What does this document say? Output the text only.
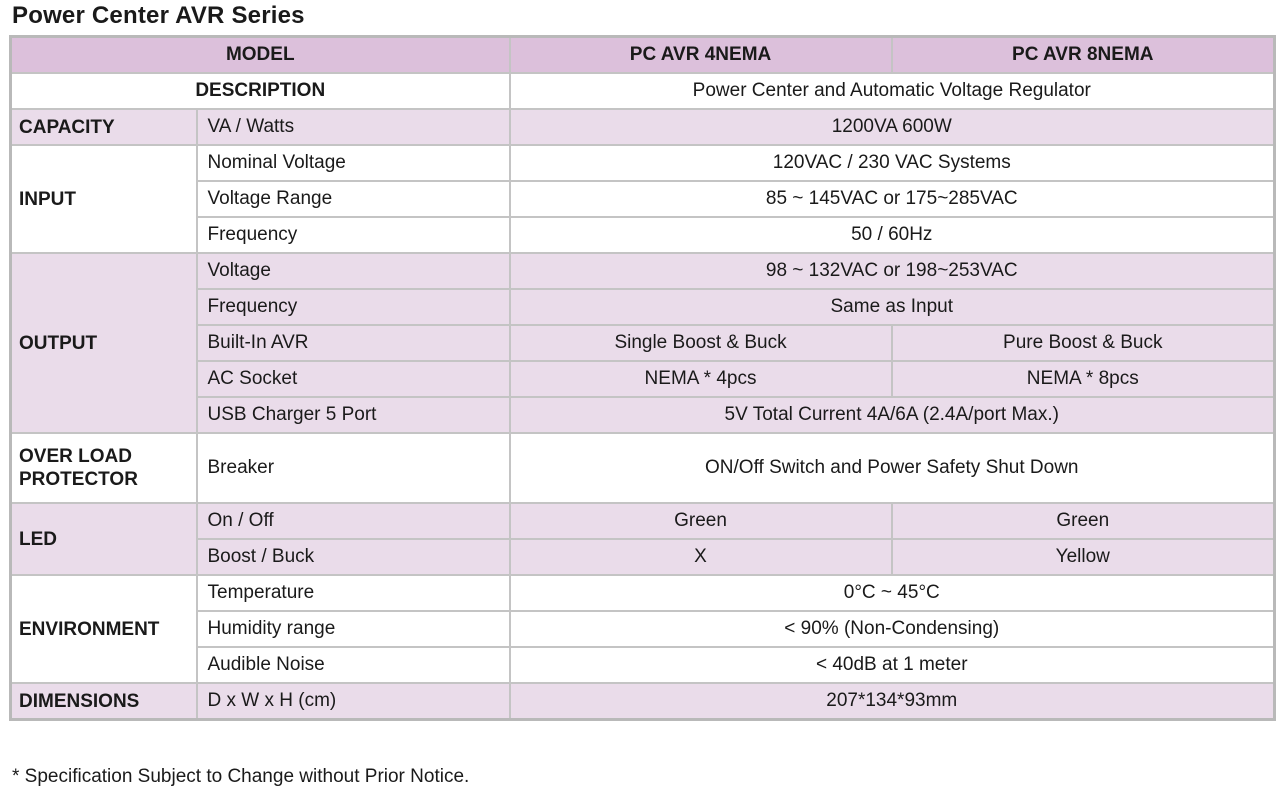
Power Center AVR Series
MODEL		PC AVR 4NEMA	PC AVR 8NEMA
DESCRIPTION		Power Center and Automatic Voltage Regulator	
CAPACITY	VA / Watts	1200VA 600W	
INPUT	Nominal Voltage	120VAC / 230 VAC Systems	
	Voltage Range	85 ~ 145VAC or 175~285VAC	
	Frequency	50 / 60Hz	
OUTPUT	Voltage	98 ~ 132VAC or 198~253VAC	
	Frequency	Same as Input	
	Built-In AVR	Single Boost & Buck	Pure Boost & Buck
	AC Socket	NEMA * 4pcs	NEMA * 8pcs
	USB Charger 5 Port	5V Total Current 4A/6A (2.4A/port Max.)	
OVER LOAD PROTECTOR	Breaker	ON/Off Switch and Power Safety Shut Down	
LED	On / Off	Green	Green
	Boost / Buck	X	Yellow
ENVIRONMENT	Temperature	0°C ~ 45°C	
	Humidity range	< 90% (Non-Condensing)	
	Audible Noise	< 40dB at 1 meter	
DIMENSIONS	D x W x H (cm)	207*134*93mm	
* Specification Subject to Change without Prior Notice.
